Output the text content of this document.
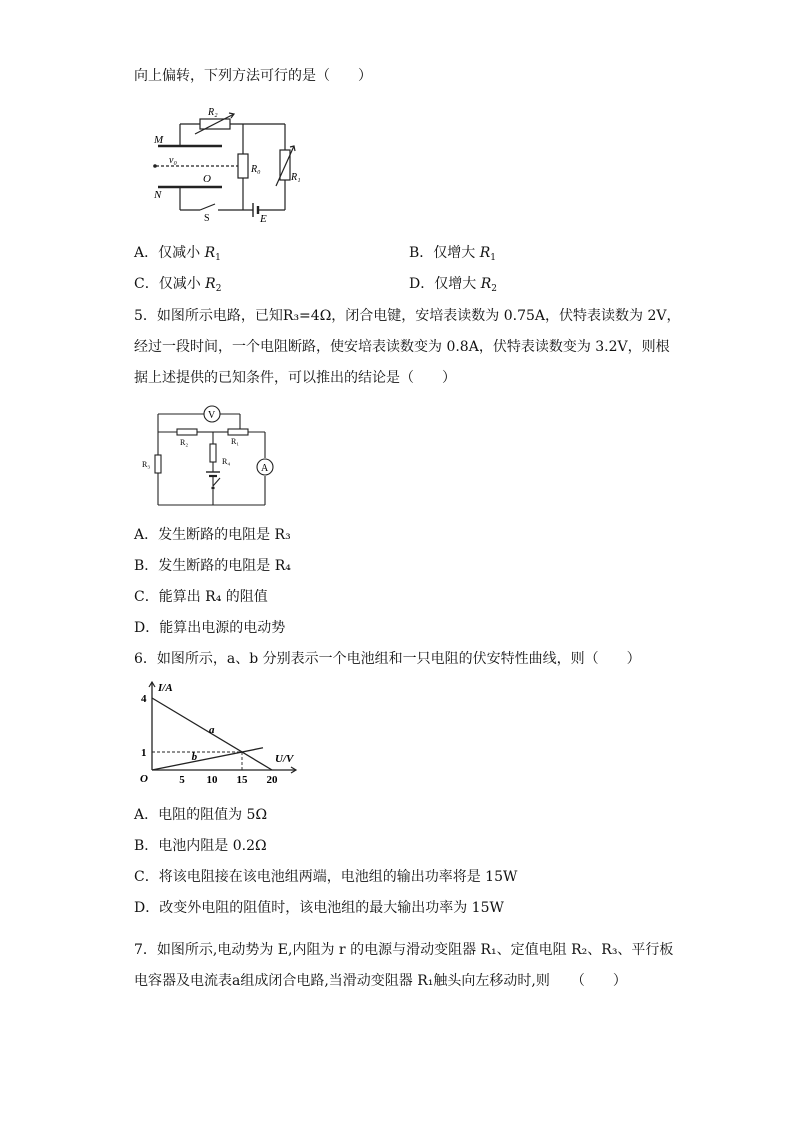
向上偏转，下列方法可行的是（　　）
M
N
O
v₀
R₂
R₀
R₁
S	E
A．仅减小 $R_1$	B．仅增大 $R_1$
C．仅减小 $R_2$	D．仅增大 $R_2$
5．如图所示电路，已知R₃=4Ω，闭合电键，安培表读数为 0.75A，伏特表读数为 2V，
经过一段时间，一个电阻断路，使安培表读数变为 0.8A，伏特表读数变为 3.2V，则根
据上述提供的已知条件，可以推出的结论是（　　）
V
A
R₁
R₂
R₃	R₄
A．发生断路的电阻是 R₃
B．发生断路的电阻是 R₄
C．能算出 R₄ 的阻值
D．能算出电源的电动势
6．如图所示，a、b 分别表示一个电池组和一只电阻的伏安特性曲线，则（　　）
I/A
U/V
O	5 10 15 20
1
4
a
b
A．电阻的阻值为 5Ω
B．电池内阻是 0.2Ω
C．将该电阻接在该电池组两端，电池组的输出功率将是 15W
D．改变外电阻的阻值时，该电池组的最大输出功率为 15W
7．如图所示,电动势为 E,内阻为 r 的电源与滑动变阻器 R₁、定值电阻 R₂、R₃、平行板
电容器及电流表a组成闭合电路,当滑动变阻器 R₁触头向左移动时,则　　（　　）
